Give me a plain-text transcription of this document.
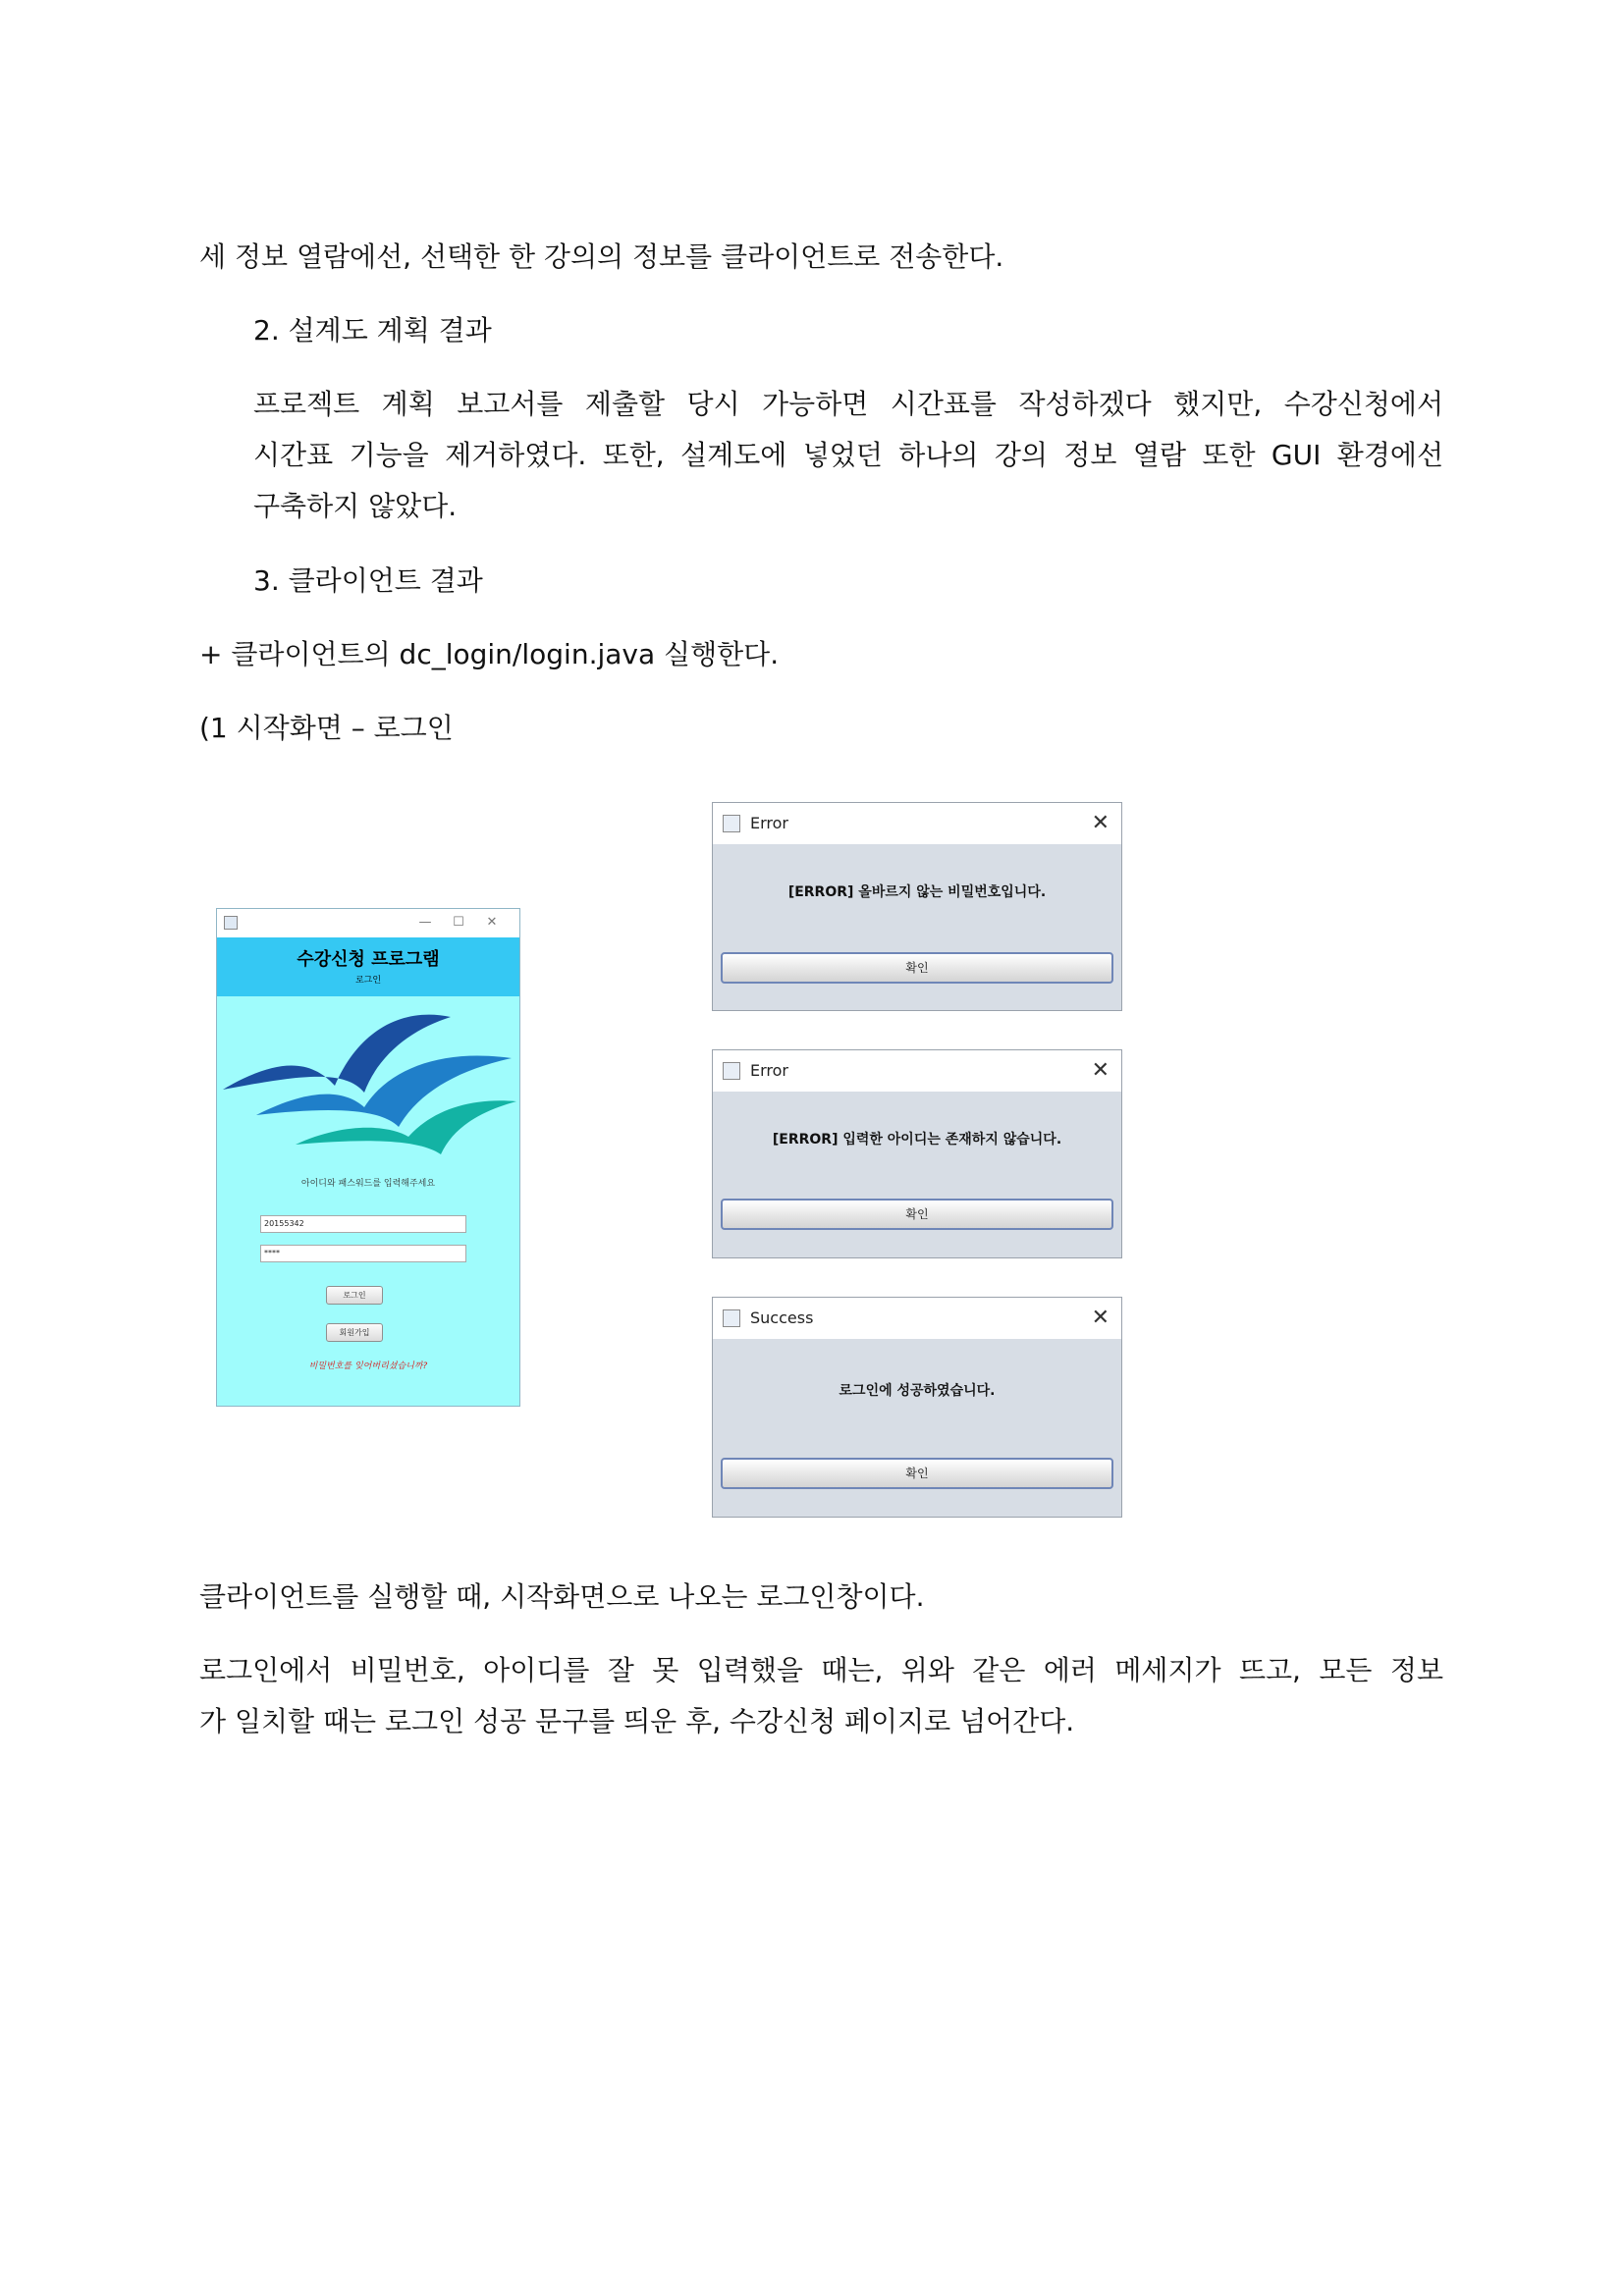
세 정보 열람에선, 선택한 한 강의의 정보를 클라이언트로 전송한다.
2. 설계도 계획 결과
프로젝트 계획 보고서를 제출할 당시 가능하면 시간표를 작성하겠다 했지만, 수강신청에서
시간표 기능을 제거하였다. 또한, 설계도에 넣었던 하나의 강의 정보 열람 또한 GUI 환경에선
구축하지 않았다.
3. 클라이언트 결과
+ 클라이언트의 dc_login/login.java 실행한다.
(1 시작화면 – 로그인
—	☐	✕
수강신청 프로그램
로그인
아이디와 패스워드를 입력해주세요
20155342
****
로그인
회원가입
비밀번호를 잊어버리셨습니까?
Error	✕
[ERROR] 올바르지 않는 비밀번호입니다.
확인
Error	✕
[ERROR] 입력한 아이디는 존재하지 않습니다.
확인
Success	✕
로그인에 성공하였습니다.
확인
클라이언트를 실행할 때, 시작화면으로 나오는 로그인창이다.
로그인에서 비밀번호, 아이디를 잘 못 입력했을 때는, 위와 같은 에러 메세지가 뜨고, 모든 정보
가 일치할 때는 로그인 성공 문구를 띄운 후, 수강신청 페이지로 넘어간다.
